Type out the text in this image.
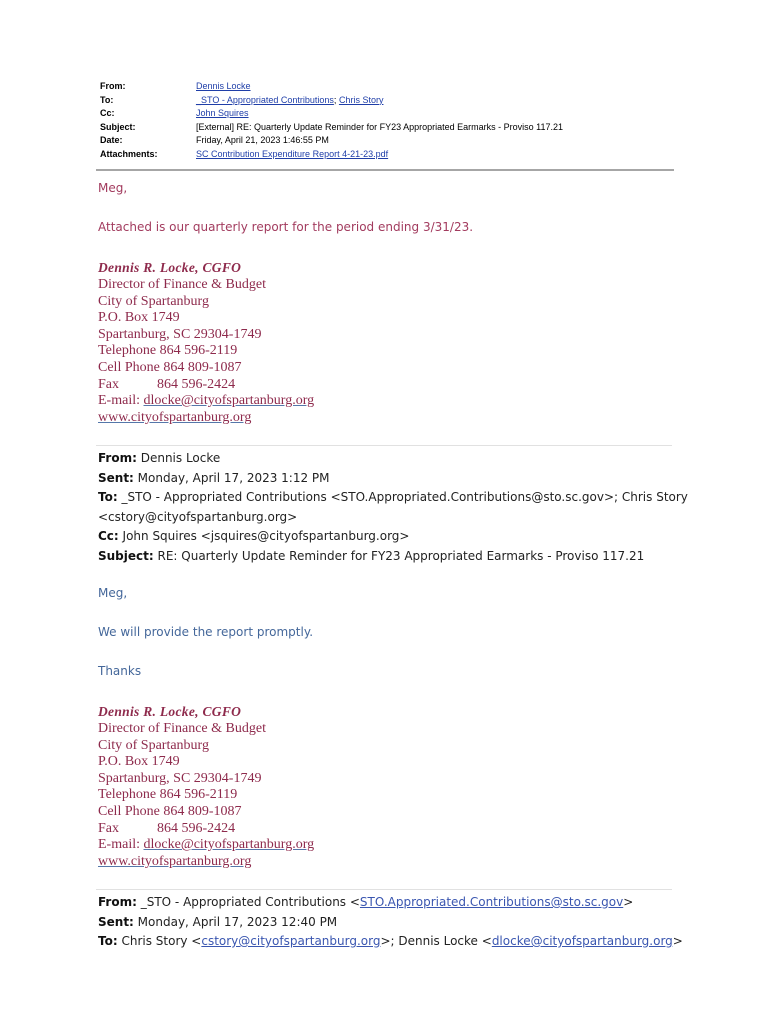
From:	Dennis Locke
To:	_STO - Appropriated Contributions; Chris Story
Cc:	John Squires
Subject:	[External] RE: Quarterly Update Reminder for FY23 Appropriated Earmarks - Proviso 117.21
Date:	Friday, April 21, 2023 1:46:55 PM
Attachments:	SC Contribution Expenditure Report 4-21-23.pdf
Meg,
Attached is our quarterly report for the period ending 3/31/23.
Dennis R. Locke, CGFO
Director of Finance & Budget
City of Spartanburg
P.O. Box 1749
Spartanburg, SC 29304-1749
Telephone 864 596-2119
Cell Phone 864 809-1087
Fax	864 596-2424
E-mail: dlocke@cityofspartanburg.org
www.cityofspartanburg.org
From: Dennis Locke
Sent: Monday, April 17, 2023 1:12 PM
To: _STO - Appropriated Contributions <STO.Appropriated.Contributions@sto.sc.gov>; Chris Story
<cstory@cityofspartanburg.org>
Cc: John Squires <jsquires@cityofspartanburg.org>
Subject: RE: Quarterly Update Reminder for FY23 Appropriated Earmarks - Proviso 117.21
Meg,
We will provide the report promptly.
Thanks
Dennis R. Locke, CGFO
Director of Finance & Budget
City of Spartanburg
P.O. Box 1749
Spartanburg, SC 29304-1749
Telephone 864 596-2119
Cell Phone 864 809-1087
Fax	864 596-2424
E-mail: dlocke@cityofspartanburg.org
www.cityofspartanburg.org
From: _STO - Appropriated Contributions <STO.Appropriated.Contributions@sto.sc.gov>
Sent: Monday, April 17, 2023 12:40 PM
To: Chris Story <cstory@cityofspartanburg.org>; Dennis Locke <dlocke@cityofspartanburg.org>
